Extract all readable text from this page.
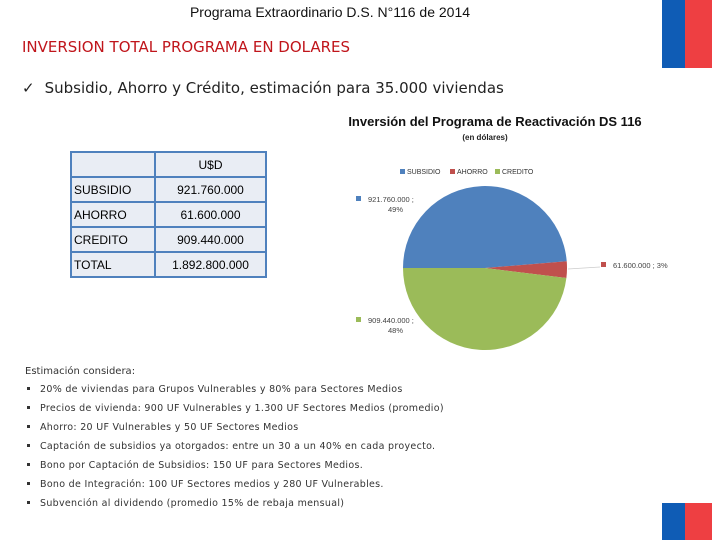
Programa Extraordinario D.S. N°116 de 2014
INVERSION TOTAL PROGRAMA EN DOLARES
✓ Subsidio, Ahorro y Crédito, estimación para 35.000 viviendas
	U$D
SUBSIDIO	921.760.000
AHORRO	61.600.000
CREDITO	909.440.000
TOTAL	1.892.800.000
Inversión del Programa de Reactivación DS 116
(en dólares)
SUBSIDIO AHORRO CREDITO
921.760.000 ;
49%
61.600.000 ; 3%
909.440.000 ;
48%
Estimación considera:
20% de viviendas para Grupos Vulnerables y 80% para Sectores Medios
Precios de vivienda: 900 UF Vulnerables y 1.300 UF Sectores Medios (promedio)
Ahorro: 20 UF Vulnerables y 50 UF Sectores Medios
Captación de subsidios ya otorgados: entre un 30 a un 40% en cada proyecto.
Bono por Captación de Subsidios: 150 UF para Sectores Medios.
Bono de Integración: 100 UF Sectores medios y 280 UF Vulnerables.
Subvención al dividendo (promedio 15% de rebaja mensual)
